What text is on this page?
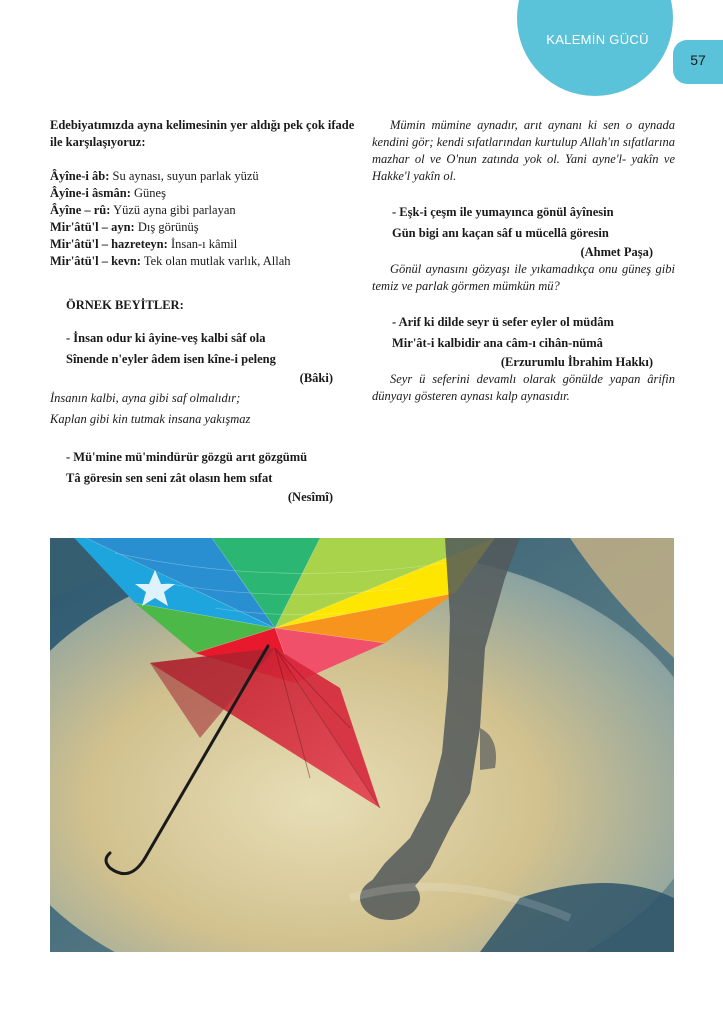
KALEMİN GÜCÜ
57

Edebiyatımızda ayna kelimesinin yer aldığı pek çok ifade ile karşılaşıyoruz:

Âyîne-i âb: Su aynası, suyun parlak yüzü
Âyîne-i âsmân: Güneş
Âyîne – rû: Yüzü ayna gibi parlayan
Mir'âtü'l – ayn: Dış görünüş
Mir'âtü'l – hazreteyn: İnsan-ı kâmil
Mir'âtü'l – kevn: Tek olan mutlak varlık, Allah

ÖRNEK BEYİTLER:

- İnsan odur ki âyine-veş kalbi sâf ola

Sînende n'eyler âdem isen kîne-i peleng

(Bâki)

İnsanın kalbi, ayna gibi saf olmalıdır;

Kaplan gibi kin tutmak insana yakışmaz

- Mü'mine mü'mindürür gözgü arıt gözgümü

Tâ göresin sen seni zât olasın hem sıfat

(Nesîmî)

Mümin mümine aynadır, arıt aynanı ki sen o aynada kendini gör; kendi sıfatlarından kurtulup Allah'ın sıfatlarına mazhar ol ve O'nun zatında yok ol. Yani ayne'l- yakîn ve Hakke'l yakîn ol.

- Eşk-i çeşm ile yumayınca gönül âyînesin

Gün bigi anı kaçan sâf u mücellâ göresin

(Ahmet Paşa)

Gönül aynasını gözyaşı ile yıkamadıkça onu güneş gibi temiz ve parlak görmen mümkün mü?

- Arif ki dilde seyr ü sefer eyler ol müdâm

Mir'ât-i kalbidir ana câm-ı cihân-nümâ

(Erzurumlu İbrahim Hakkı)

Seyr ü seferini devamlı olarak gönülde yapan ârifin dünyayı gösteren aynası kalp aynasıdır.
